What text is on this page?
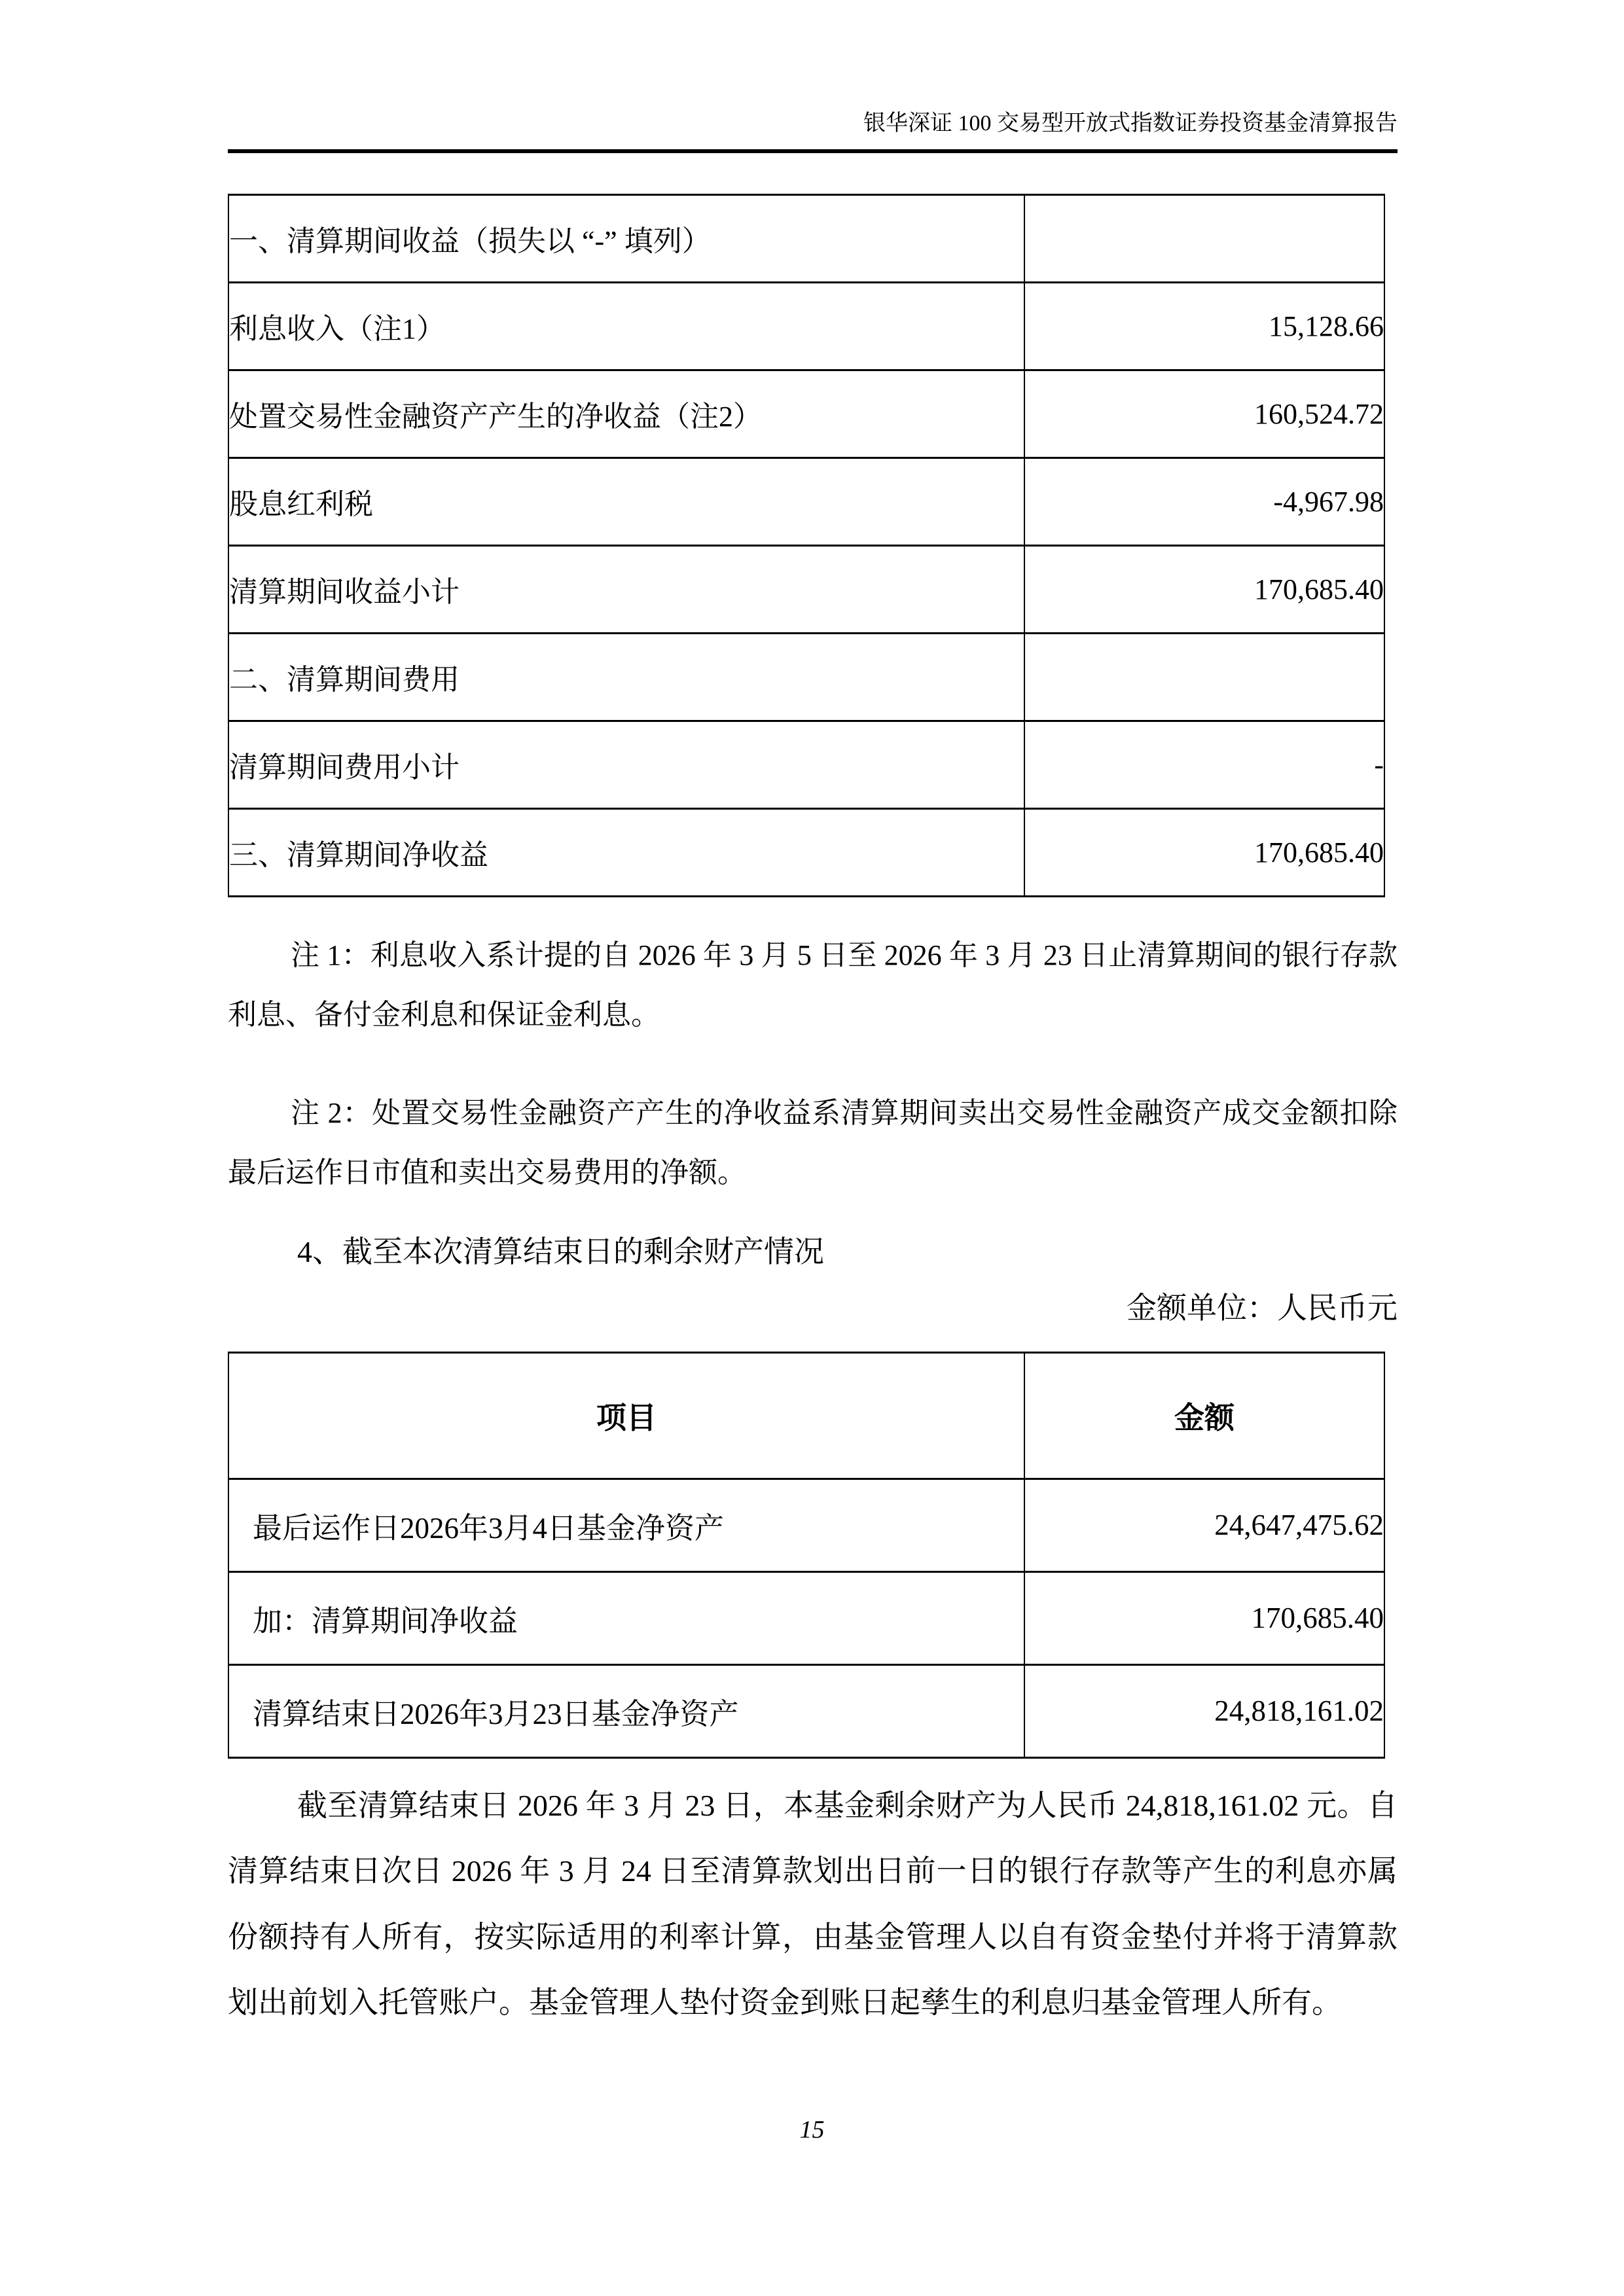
银华深证 100 交易型开放式指数证券投资基金清算报告
一、清算期间收益（损失以 “-” 填列）	
利息收入（注1）	15,128.66
处置交易性金融资产产生的净收益（注2）	160,524.72
股息红利税	-4,967.98
清算期间收益小计	170,685.40
二、清算期间费用	
清算期间费用小计	-
三、清算期间净收益	170,685.40

注 1：利息收入系计提的自 2026 年 3 月 5 日至 2026 年 3 月 23 日止清算期间的银行存款利息、备付金利息和保证金利息。

注 2：处置交易性金融资产产生的净收益系清算期间卖出交易性金融资产成交金额扣除最后运作日市值和卖出交易费用的净额。

4、截至本次清算结束日的剩余财产情况
金额单位：人民币元
项目	金额
最后运作日2026年3月4日基金净资产	24,647,475.62
加：清算期间净收益	170,685.40
清算结束日2026年3月23日基金净资产	24,818,161.02

截至清算结束日 2026 年 3 月 23 日，本基金剩余财产为人民币 24,818,161.02 元。自清算结束日次日 2026 年 3 月 24 日至清算款划出日前一日的银行存款等产生的利息亦属份额持有人所有，按实际适用的利率计算，由基金管理人以自有资金垫付并将于清算款划出前划入托管账户。基金管理人垫付资金到账日起孳生的利息归基金管理人所有。

15
